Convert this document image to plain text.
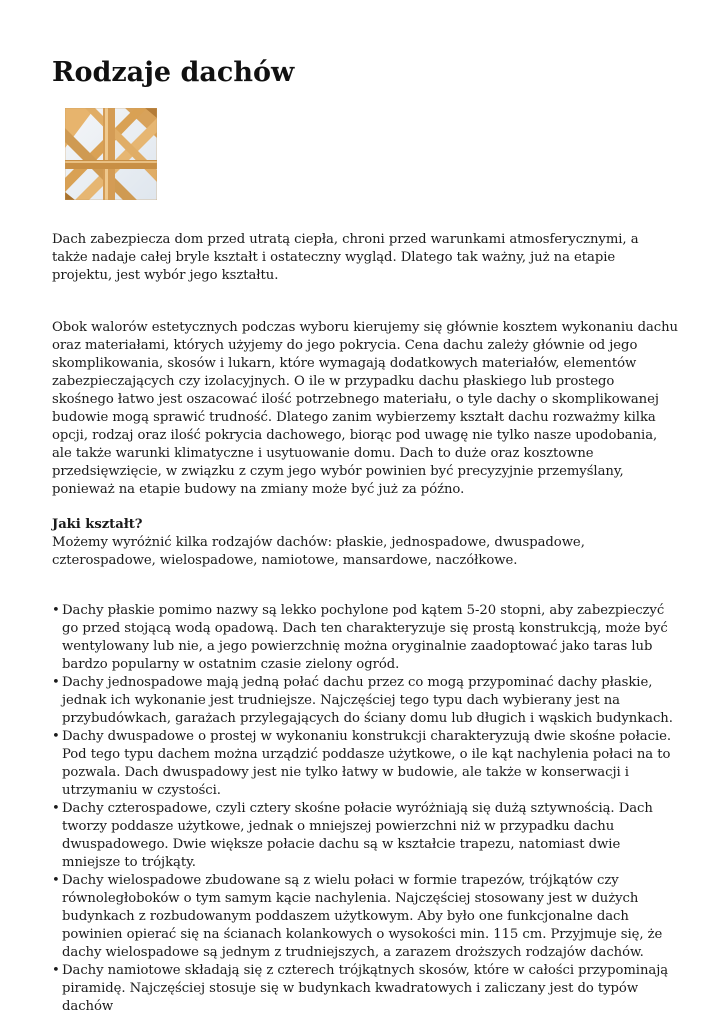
Rodzaje dachów

Dach zabezpiecza dom przed utratą ciepła, chroni przed warunkami atmosferycznymi, a także nadaje całej bryle kształt i ostateczny wygląd. Dlatego tak ważny, już na etapie projektu, jest wybór jego kształtu.

Obok walorów estetycznych podczas wyboru kierujemy się głównie kosztem wykonaniu dachu oraz materiałami, których użyjemy do jego pokrycia. Cena dachu zależy głównie od jego skomplikowania, skosów i lukarn, które wymagają dodatkowych materiałów, elementów zabezpieczających czy izolacyjnych. O ile w przypadku dachu płaskiego lub prostego skośnego łatwo jest oszacować ilość potrzebnego materiału, o tyle dachy o skomplikowanej budowie mogą sprawić trudność. Dlatego zanim wybierzemy kształt dachu rozważmy kilka opcji, rodzaj oraz ilość pokrycia dachowego, biorąc pod uwagę nie tylko nasze upodobania, ale także warunki klimatyczne i usytuowanie domu. Dach to duże oraz kosztowne przedsięwzięcie, w związku z czym jego wybór powinien być precyzyjnie przemyślany, ponieważ na etapie budowy na zmiany może być już za późno.

Jaki kształt?

Możemy wyróżnić kilka rodzajów dachów: płaskie, jednospadowe, dwuspadowe, czterospadowe, wielospadowe, namiotowe, mansardowe, naczółkowe.

• Dachy płaskie pomimo nazwy są lekko pochylone pod kątem 5-20 stopni, aby zabezpieczyć go przed stojącą wodą opadową. Dach ten charakteryzuje się prostą konstrukcją, może być wentylowany lub nie, a jego powierzchnię można oryginalnie zaadoptować jako taras lub bardzo popularny w ostatnim czasie zielony ogród.
• Dachy jednospadowe mają jedną połać dachu przez co mogą przypominać dachy płaskie, jednak ich wykonanie jest trudniejsze. Najczęściej tego typu dach wybierany jest na przybudówkach, garażach przylegających do ściany domu lub długich i wąskich budynkach.
• Dachy dwuspadowe o prostej w wykonaniu konstrukcji charakteryzują dwie skośne połacie. Pod tego typu dachem można urządzić poddasze użytkowe, o ile kąt nachylenia połaci na to pozwala. Dach dwuspadowy jest nie tylko łatwy w budowie, ale także w konserwacji i utrzymaniu w czystości.
• Dachy czterospadowe, czyli cztery skośne połacie wyróżniają się dużą sztywnością. Dach tworzy poddasze użytkowe, jednak o mniejszej powierzchni niż w przypadku dachu dwuspadowego. Dwie większe połacie dachu są w kształcie trapezu, natomiast dwie mniejsze to trójkąty.
• Dachy wielospadowe zbudowane są z wielu połaci w formie trapezów, trójkątów czy równoległoboków o tym samym kącie nachylenia. Najczęściej stosowany jest w dużych budynkach z rozbudowanym poddaszem użytkowym. Aby było one funkcjonalne dach powinien opierać się na ścianach kolankowych o wysokości min. 115 cm. Przyjmuje się, że dachy wielospadowe są jednym z trudniejszych, a zarazem droższych rodzajów dachów.
• Dachy namiotowe składają się z czterech trójkątnych skosów, które w całości przypominają piramidę. Najczęściej stosuje się w budynkach kwadratowych i zaliczany jest do typów dachów
